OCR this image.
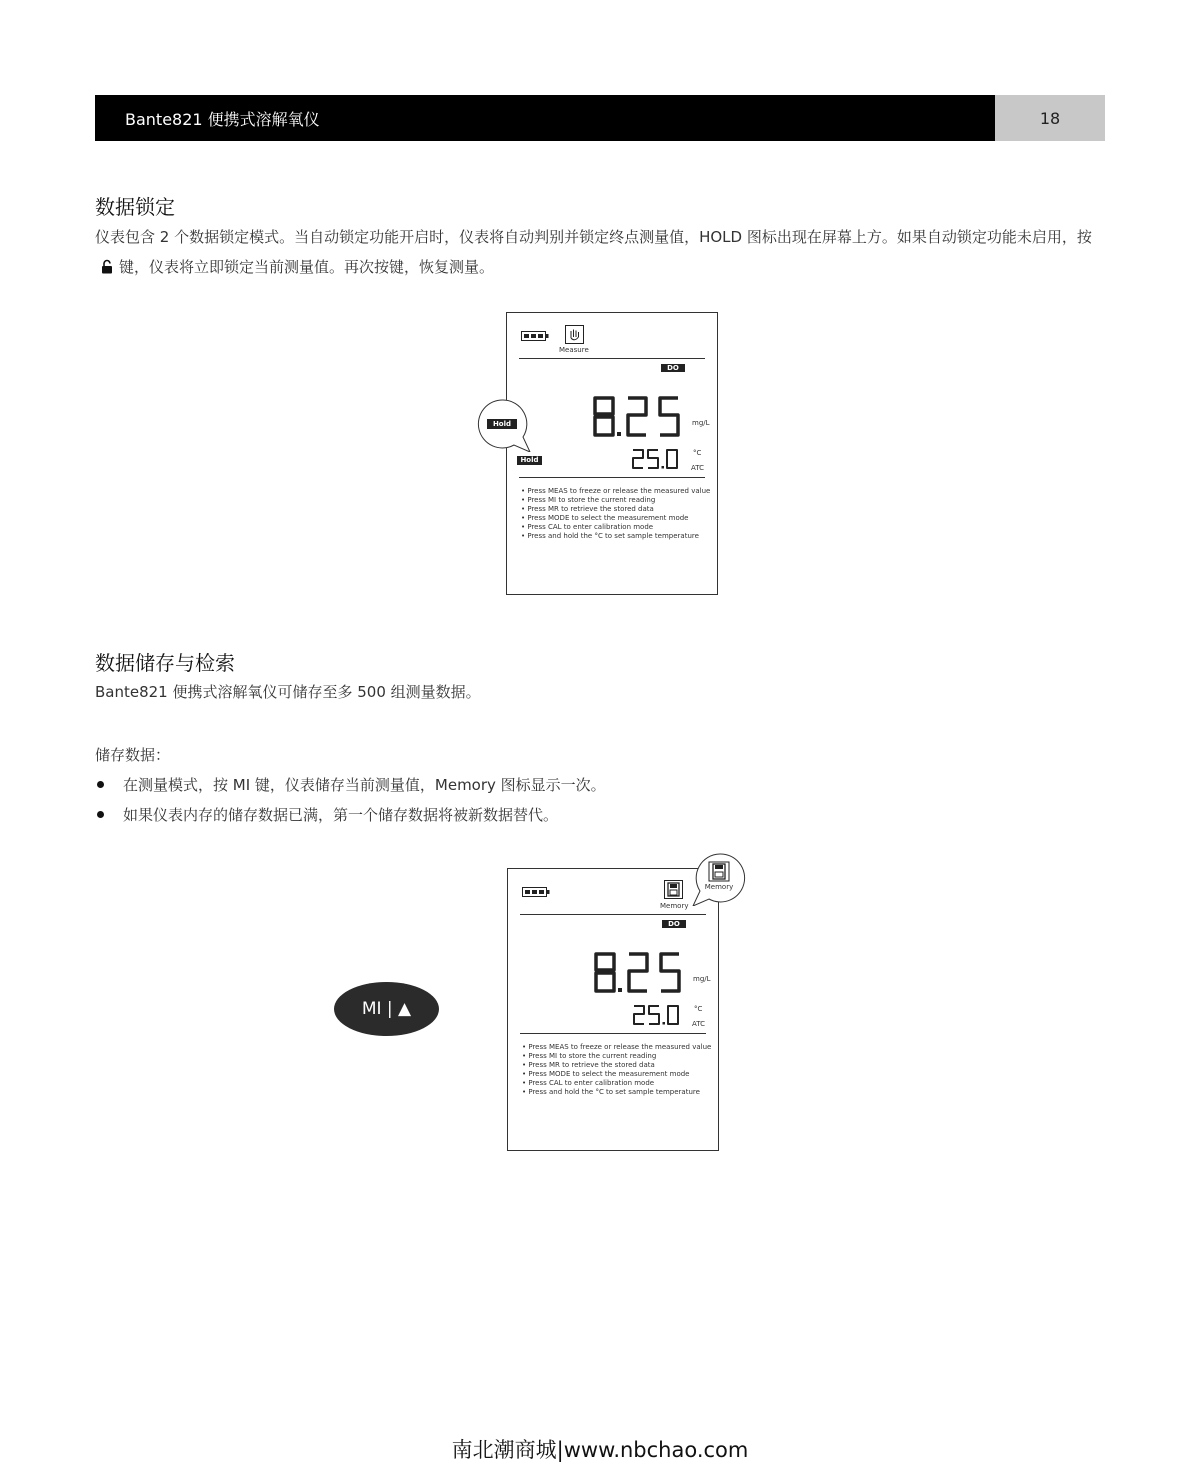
Bante821 便携式溶解氧仪	18
数据锁定
仪表包含 2 个数据锁定模式。当自动锁定功能开启时，仪表将自动判别并锁定终点测量值，HOLD 图标出现在屏幕上方。如果自动锁定功能未启用，按键，仪表将立即锁定当前测量值。再次按键，恢复测量。
Measure
DO
mg/L
°C
ATC
Hold
• Press MEAS to freeze or release the measured value
• Press MI to store the current reading
• Press MR to retrieve the stored data
• Press MODE to select the measurement mode
• Press CAL to enter calibration mode
• Press and hold the °C to set sample temperature
Hold
数据储存与检索
Bante821 便携式溶解氧仪可储存至多 500 组测量数据。
储存数据：
在测量模式，按 MI 键，仪表储存当前测量值，Memory 图标显示一次。
如果仪表内存的储存数据已满，第一个储存数据将被新数据替代。
MI | ▲
Memory
DO
mg/L
°C
ATC
• Press MEAS to freeze or release the measured value
• Press MI to store the current reading
• Press MR to retrieve the stored data
• Press MODE to select the measurement mode
• Press CAL to enter calibration mode
• Press and hold the °C to set sample temperature
Memory
南北潮商城|www.nbchao.com
